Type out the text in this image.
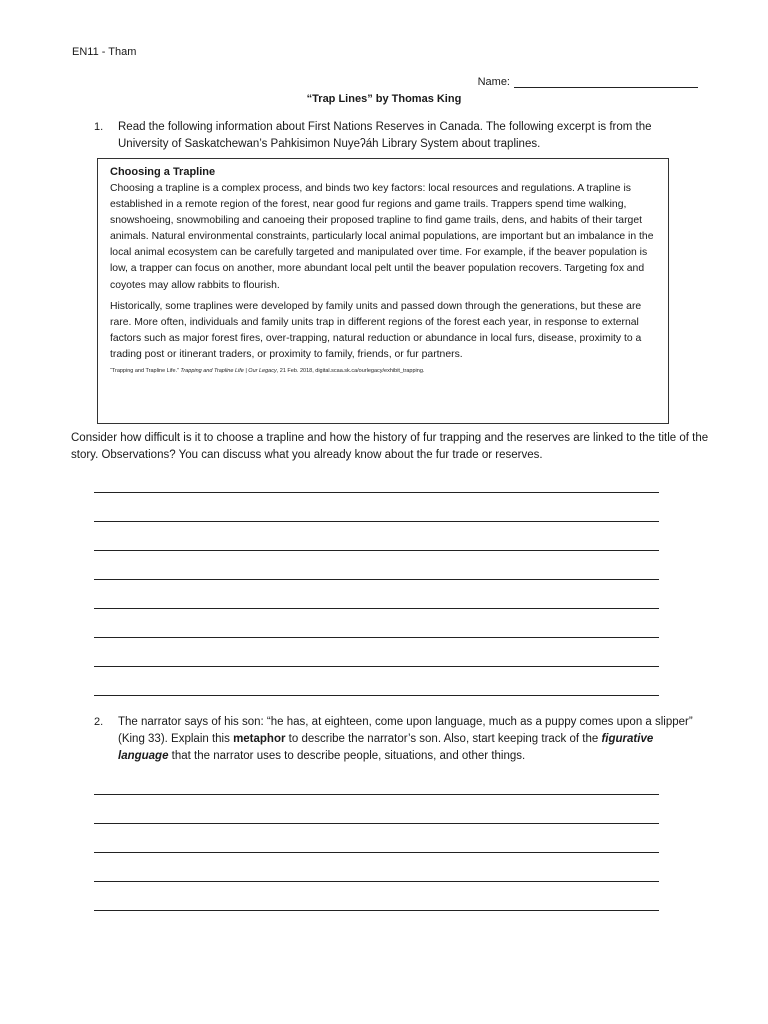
EN11 - Tham
Name:
“Trap Lines” by Thomas King
1. Read the following information about First Nations Reserves in Canada. The following excerpt is from the University of Saskatchewan’s Pahkisimon Nuyeʔáh Library System about traplines.
Choosing a Trapline

Choosing a trapline is a complex process, and binds two key factors: local resources and regulations. A trapline is established in a remote region of the forest, near good fur regions and game trails. Trappers spend time walking, snowshoeing, snowmobiling and canoeing their proposed trapline to find game trails, dens, and habits of their target animals. Natural environmental constraints, particularly local animal populations, are important but an imbalance in the local animal ecosystem can be carefully targeted and manipulated over time. For example, if the beaver population is low, a trapper can focus on another, more abundant local pelt until the beaver population recovers. Targeting fox and coyotes may allow rabbits to flourish.

Historically, some traplines were developed by family units and passed down through the generations, but these are rare. More often, individuals and family units trap in different regions of the forest each year, in response to external factors such as major forest fires, over-trapping, natural reduction or abundance in local furs, disease, proximity to a trading post or itinerant traders, or proximity to family, friends, or fur partners.

“Trapping and Trapline Life.” Trapping and Trapline Life | Our Legacy, 21 Feb. 2018, digital.scaa.sk.ca/ourlegacy/exhibit_trapping.
Consider how difficult is it to choose a trapline and how the history of fur trapping and the reserves are linked to the title of the story. Observations? You can discuss what you already know about the fur trade or reserves.
2. The narrator says of his son: “he has, at eighteen, come upon language, much as a puppy comes upon a slipper” (King 33). Explain this metaphor to describe the narrator’s son. Also, start keeping track of the figurative language that the narrator uses to describe people, situations, and other things.
